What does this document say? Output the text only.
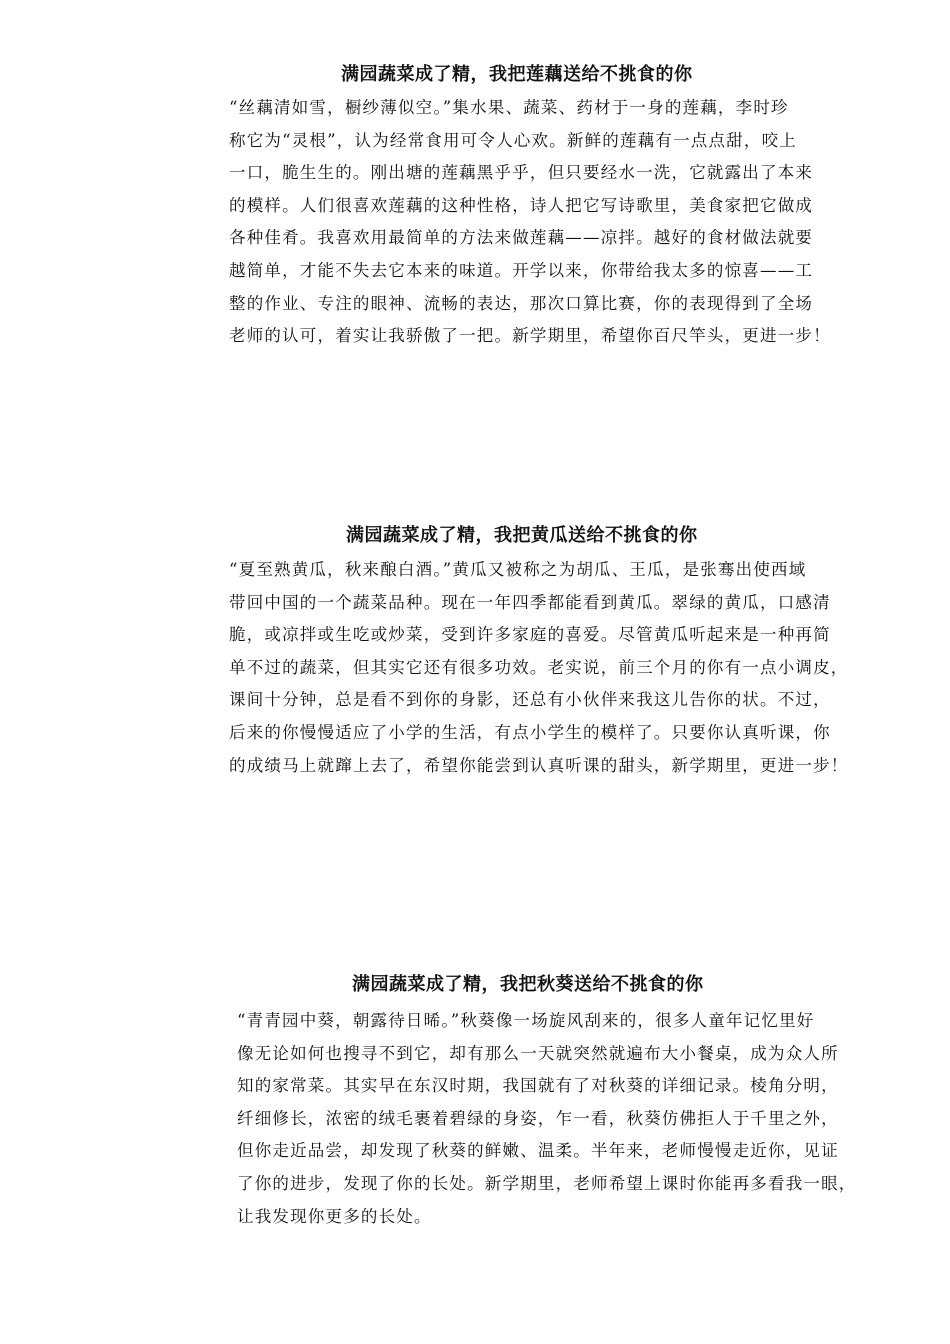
满园蔬菜成了精，我把莲藕送给不挑食的你
“丝藕清如雪，橱纱薄似空。”集水果、蔬菜、药材于一身的莲藕，李时珍
称它为“灵根”，认为经常食用可令人心欢。新鲜的莲藕有一点点甜，咬上
一口，脆生生的。刚出塘的莲藕黑乎乎，但只要经水一洗，它就露出了本来
的模样。人们很喜欢莲藕的这种性格，诗人把它写诗歌里，美食家把它做成
各种佳肴。我喜欢用最简单的方法来做莲藕——凉拌。越好的食材做法就要
越简单，才能不失去它本来的味道。开学以来，你带给我太多的惊喜——工
整的作业、专注的眼神、流畅的表达，那次口算比赛，你的表现得到了全场
老师的认可，着实让我骄傲了一把。新学期里，希望你百尺竿头，更进一步！
满园蔬菜成了精，我把黄瓜送给不挑食的你
“夏至熟黄瓜，秋来酿白酒。”黄瓜又被称之为胡瓜、王瓜，是张骞出使西域
带回中国的一个蔬菜品种。现在一年四季都能看到黄瓜。翠绿的黄瓜，口感清
脆，或凉拌或生吃或炒菜，受到许多家庭的喜爱。尽管黄瓜听起来是一种再简
单不过的蔬菜，但其实它还有很多功效。老实说，前三个月的你有一点小调皮，
课间十分钟，总是看不到你的身影，还总有小伙伴来我这儿告你的状。不过，
后来的你慢慢适应了小学的生活，有点小学生的模样了。只要你认真听课，你
的成绩马上就蹿上去了，希望你能尝到认真听课的甜头，新学期里，更进一步！
满园蔬菜成了精，我把秋葵送给不挑食的你
“青青园中葵，朝露待日晞。”秋葵像一场旋风刮来的，很多人童年记忆里好
像无论如何也搜寻不到它，却有那么一天就突然就遍布大小餐桌，成为众人所
知的家常菜。其实早在东汉时期，我国就有了对秋葵的详细记录。棱角分明，
纤细修长，浓密的绒毛裹着碧绿的身姿，乍一看，秋葵仿佛拒人于千里之外，
但你走近品尝，却发现了秋葵的鲜嫩、温柔。半年来，老师慢慢走近你，见证
了你的进步，发现了你的长处。新学期里，老师希望上课时你能再多看我一眼，
让我发现你更多的长处。
